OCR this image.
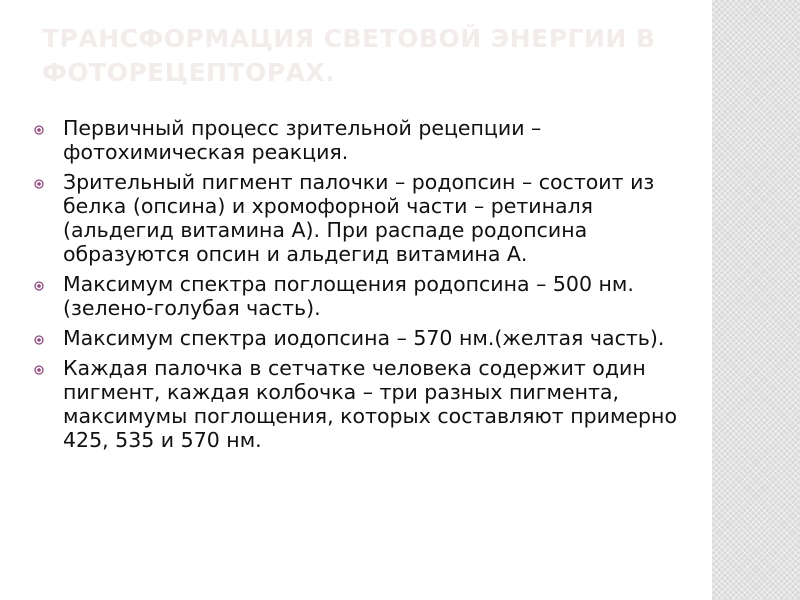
ТРАНСФОРМАЦИЯ СВЕТОВОЙ ЭНЕРГИИ В ФОТОРЕЦЕПТОРАХ.
Первичный процесс зрительной рецепции – фотохимическая реакция.
Зрительный пигмент палочки – родопсин – состоит из белка (опсина) и хромофорной части – ретиналя (альдегид витамина А). При распаде родопсина образуются опсин и альдегид витамина А.
Максимум спектра поглощения родопсина – 500 нм. (зелено-голубая часть).
Максимум спектра иодопсина – 570 нм.(желтая часть).
Каждая палочка в сетчатке человека содержит один пигмент, каждая колбочка – три разных пигмента, максимумы поглощения, которых составляют примерно 425, 535 и 570 нм.
